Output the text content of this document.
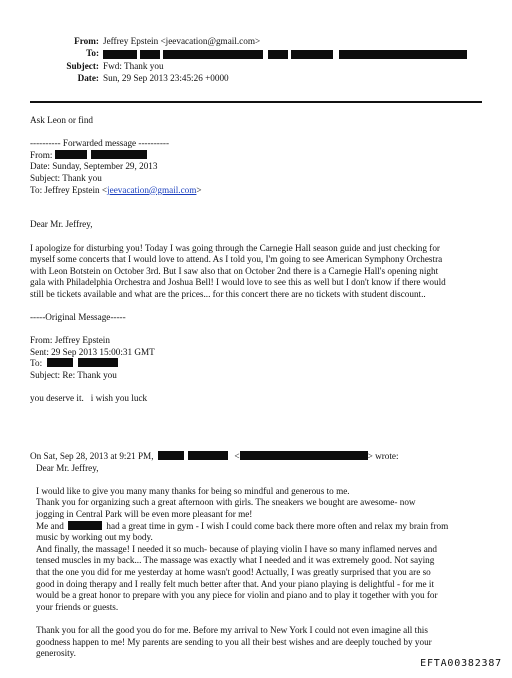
From: Jeffrey Epstein <jeevacation@gmail.com>
To:
Subject: Fwd: Thank you
Date: Sun, 29 Sep 2013 23:45:26 +0000

Ask Leon or find

---------- Forwarded message ----------

From:

Date: Sunday, September 29, 2013

Subject: Thank you

To: Jeffrey Epstein <jeevacation@gmail.com>

Dear Mr. Jeffrey,

I apologize for disturbing you! Today I was going through the Carnegie Hall season guide and just checking for

myself some concerts that I would love to attend. As I told you, I'm going to see American Symphony Orchestra

with Leon Botstein on October 3rd. But I saw also that on October 2nd there is a Carnegie Hall's opening night

gala with Philadelphia Orchestra and Joshua Bell! I would love to see this as well but I don't know if there would

still be tickets available and what are the prices... for this concert there are no tickets with student discount..

-----Original Message-----

From: Jeffrey Epstein

Sent: 29 Sep 2013 15:00:31 GMT

To:

Subject: Re: Thank you

you deserve it.   i wish you luck

On Sat, Sep 28, 2013 at 9:21 PM,	<	> wrote:

Dear Mr. Jeffrey,

I would like to give you many many thanks for being so mindful and generous to me.

Thank you for organizing such a great afternoon with girls. The sneakers we bought are awesome- now

jogging in Central Park will be even more pleasant for me!

Me and	had a great time in gym - I wish I could come back there more often and relax my brain from

music by working out my body.

And finally, the massage! I needed it so much- because of playing violin I have so many inflamed nerves and

tensed muscles in my back... The massage was exactly what I needed and it was extremely good. Not saying

that the one you did for me yesterday at home wasn't good! Actually, I was greatly surprised that you are so

good in doing therapy and I really felt much better after that. And your piano playing is delightful - for me it

would be a great honor to prepare with you any piece for violin and piano and to play it together with you for

your friends or guests.

Thank you for all the good you do for me. Before my arrival to New York I could not even imagine all this

goodness happen to me! My parents are sending to you all their best wishes and are deeply touched by your

generosity.

EFTA00382387
